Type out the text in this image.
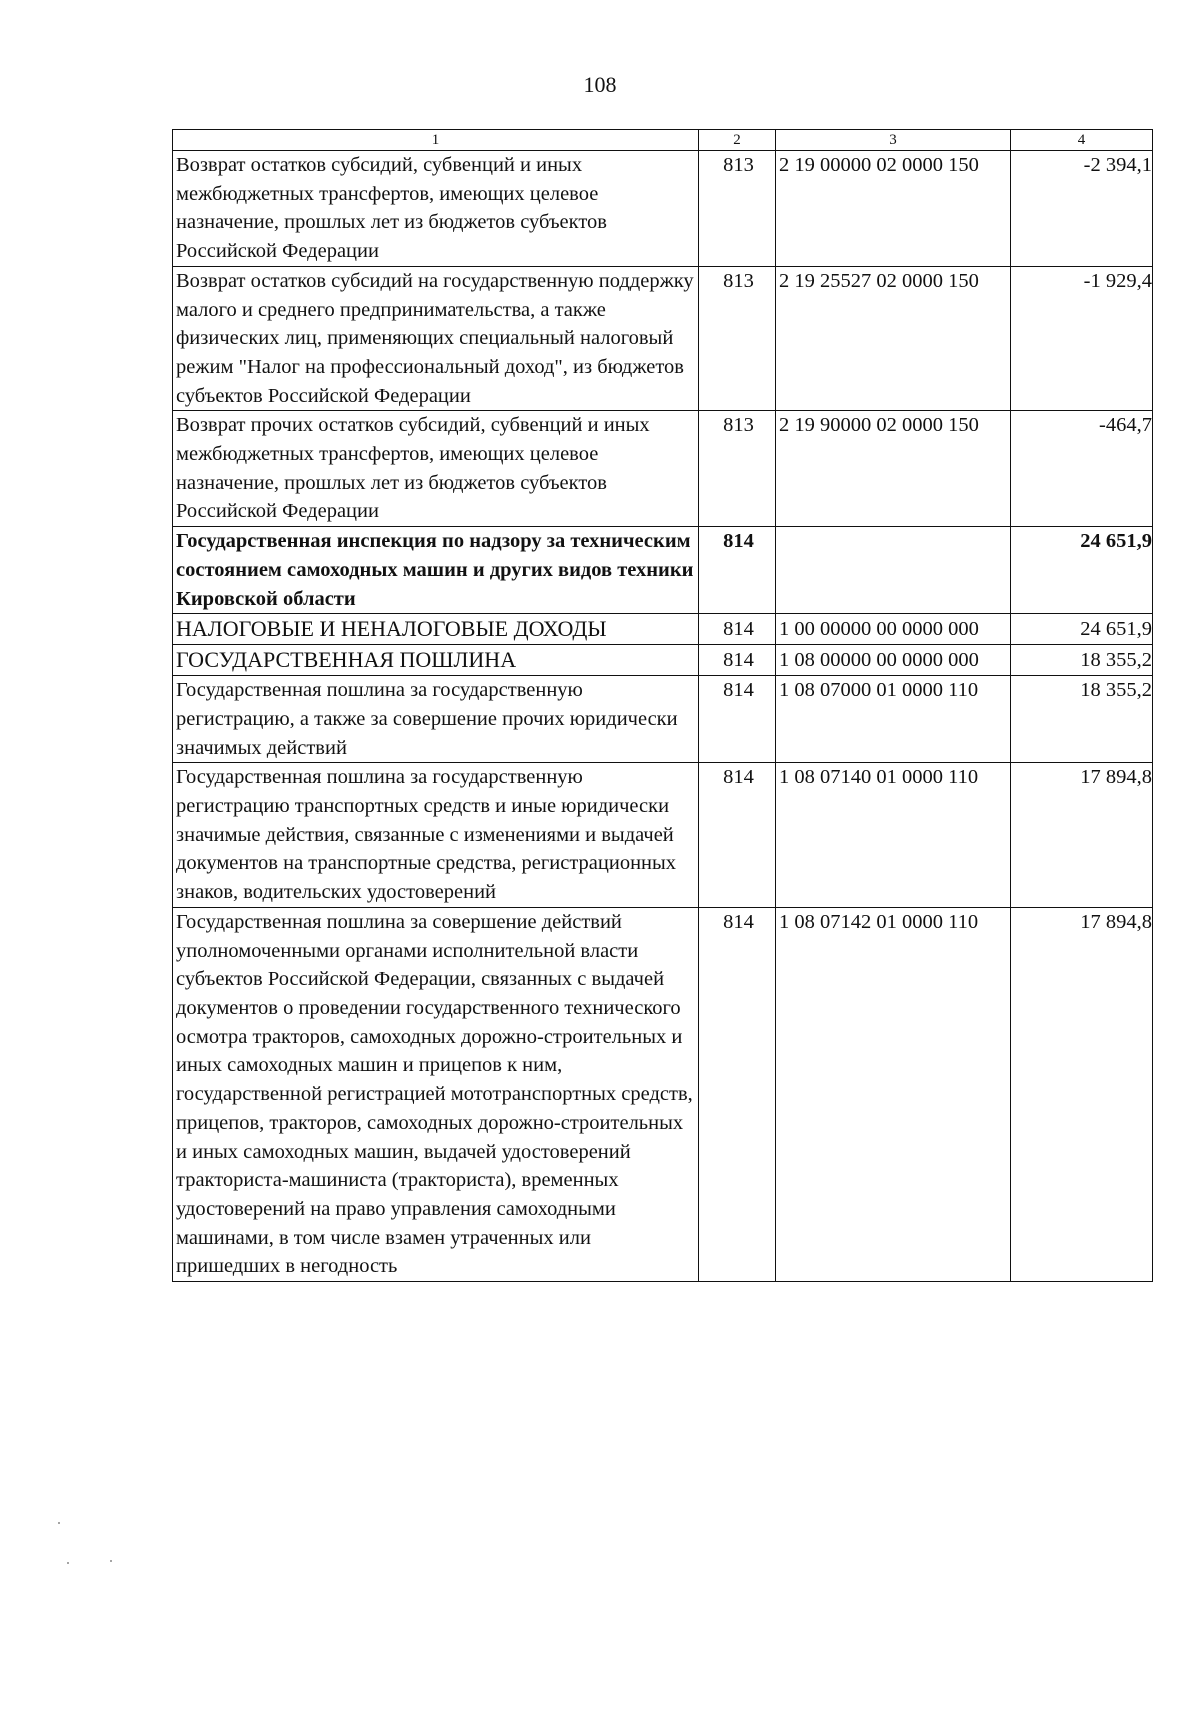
108
1	2	3	4
Возврат остатков субсидий, субвенций и иных межбюджетных трансфертов, имеющих целевое назначение, прошлых лет из бюджетов субъектов Российской Федерации	813	2 19 00000 02 0000 150	-2 394,1
Возврат остатков субсидий на государственную поддержку малого и среднего предпринимательства, а также физических лиц, применяющих специальный налоговый режим "Налог на профессиональный доход", из бюджетов субъектов Российской Федерации	813	2 19 25527 02 0000 150	-1 929,4
Возврат прочих остатков субсидий, субвенций и иных межбюджетных трансфертов, имеющих целевое назначение, прошлых лет из бюджетов субъектов Российской Федерации	813	2 19 90000 02 0000 150	-464,7
Государственная инспекция по надзору за техническим состоянием самоходных машин и других видов техники Кировской области	814		24 651,9
НАЛОГОВЫЕ И НЕНАЛОГОВЫЕ ДОХОДЫ	814	1 00 00000 00 0000 000	24 651,9
ГОСУДАРСТВЕННАЯ ПОШЛИНА	814	1 08 00000 00 0000 000	18 355,2
Государственная пошлина за государственную регистрацию, а также за совершение прочих юридически значимых действий	814	1 08 07000 01 0000 110	18 355,2
Государственная пошлина за государственную регистрацию транспортных средств и иные юридически значимые действия, связанные с изменениями и выдачей документов на транспортные средства, регистрационных знаков, водительских удостоверений	814	1 08 07140 01 0000 110	17 894,8
Государственная пошлина за совершение действий уполномоченными органами исполнительной власти субъектов Российской Федерации, связанных с выдачей документов о проведении государственного технического осмотра тракторов, самоходных дорожно-строительных и иных самоходных машин и прицепов к ним, государственной регистрацией мототранспортных средств, прицепов, тракторов, самоходных дорожно-строительных и иных самоходных машин, выдачей удостоверений тракториста-машиниста (тракториста), временных удостоверений на право управления самоходными машинами, в том числе взамен утраченных или пришедших в негодность	814	1 08 07142 01 0000 110	17 894,8
